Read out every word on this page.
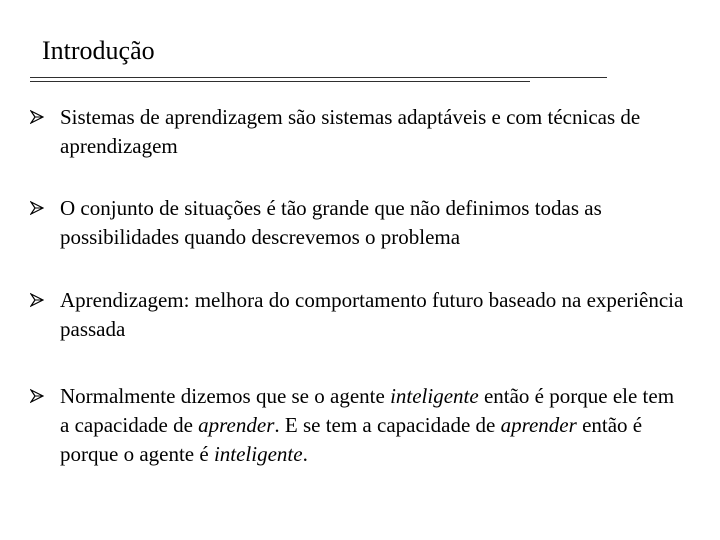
Introdução
Sistemas de aprendizagem são sistemas adaptáveis e com técnicas de aprendizagem
O conjunto de situações é tão grande que não definimos todas as possibilidades quando descrevemos o problema
Aprendizagem: melhora do comportamento futuro baseado na experiência passada
Normalmente dizemos que se o agente inteligente então é porque ele tem a capacidade de aprender. E se tem a capacidade de aprender então é porque o agente é inteligente.
